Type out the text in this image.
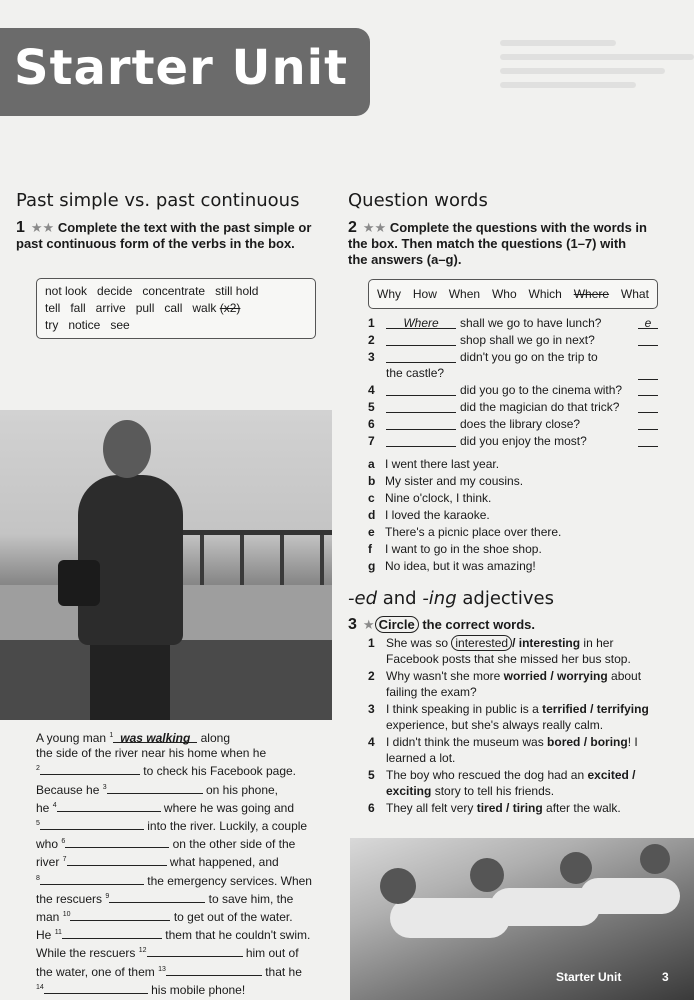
Starter Unit
Past simple vs. past continuous
1 ★★ Complete the text with the past simple or past continuous form of the verbs in the box.
not look   decide   concentrate   still hold
tell   fall   arrive   pull   call   walk (x2)
try   notice   see
A young man $^1$ was walking along
the side of the river near his home when he
$^2$	to check his Facebook page.
Because he $^3$	on his phone,
he $^4$	where he was going and
$^5$	into the river. Luckily, a couple
who $^6$	on the other side of the
river $^7$	what happened, and
$^8$	the emergency services. When
the rescuers $^9$	to save him, the
man $^{10}$	to get out of the water.
He $^{11}$	them that he couldn't swim.
While the rescuers $^{12}$	him out of
the water, one of them $^{13}$	that he
$^{14}$	his mobile phone!
Question words
2 ★★ Complete the questions with the words in the box. Then match the questions (1–7) with the answers (a–g).
Why How When Who Which Where What
1	Where	shall we go to have lunch?	e
2	shop shall we go in next?
3	didn't you go on the trip to
the castle?
4	did you go to the cinema with?
5	did the magician do that trick?
6	does the library close?
7	did you enjoy the most?
a I went there last year.
b My sister and my cousins.
c Nine o'clock, I think.
d I loved the karaoke.
e There's a picnic place over there.
f	I want to go in the shoe shop.
g No idea, but it was amazing!
-ed and -ing adjectives
3 ★ Circle the correct words.
1 She was so interested / interesting in her Facebook posts that she missed her bus stop.
2 Why wasn't she more worried / worrying about failing the exam?
3 I think speaking in public is a terrified / terrifying experience, but she's always really calm.
4 I didn't think the museum was bored / boring! I learned a lot.
5 The boy who rescued the dog had an excited / exciting story to tell his friends.
6 They all felt very tired / tiring after the walk.
Starter Unit	3
